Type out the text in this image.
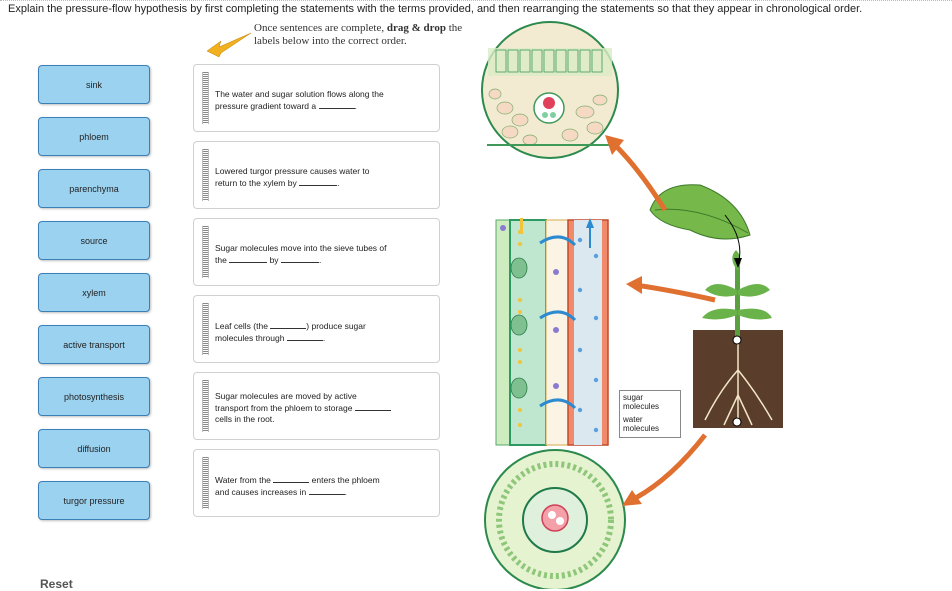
Explain the pressure-flow hypothesis by first completing the statements with the terms provided, and then rearranging the statements so that they appear in chronological order.
Once sentences are complete, drag & drop the
labels below into the correct order.
sink
phloem
parenchyma
source
xylem
active transport
photosynthesis
diffusion
turgor pressure
The water and sugar solution flows along the
pressure gradient toward a	.
Lowered turgor pressure causes water to
return to the xylem by	.
Sugar molecules move into the sieve tubes of
the	by	.
Leaf cells (the	) produce sugar
molecules through	.
Sugar molecules are moved by active
transport from the phloem to storage
cells in the root.
Water from the	enters the phloem
and causes increases in	.
Reset
sugar molecules
water molecules
